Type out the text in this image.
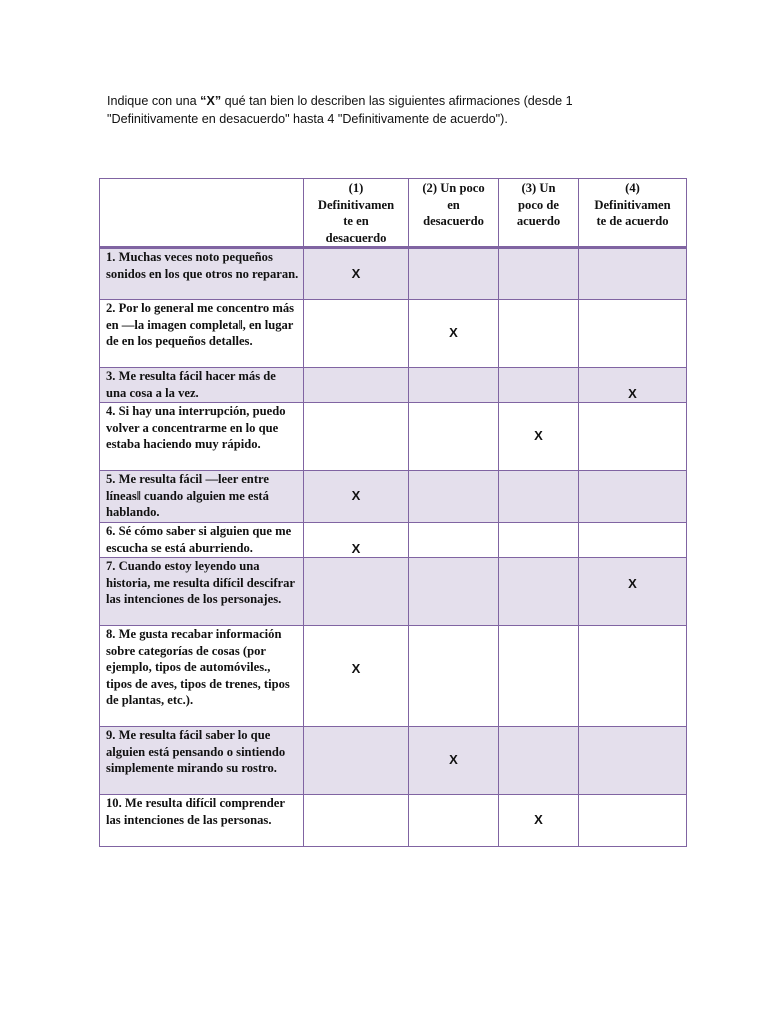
Indique con una “X” qué tan bien lo describen las siguientes afirmaciones (desde 1 "Definitivamente en desacuerdo" hasta 4 "Definitivamente de acuerdo").
	(1)
Definitivamen
te en
desacuerdo	(2) Un poco
en
desacuerdo	(3) Un
poco de
acuerdo	(4)
Definitivamen
te de acuerdo
1. Muchas veces noto pequeños sonidos en los que otros no reparan.	X			
2. Por lo general me concentro más en ―la imagen completa‖, en lugar de en los pequeños detalles.		X		
3. Me resulta fácil hacer más de una cosa a la vez.				X
4. Si hay una interrupción, puedo volver a concentrarme en lo que estaba haciendo muy rápido.			X	
5. Me resulta fácil ―leer entre líneas‖ cuando alguien me está hablando.	X			
6. Sé cómo saber si alguien que me escucha se está aburriendo.	X			
7. Cuando estoy leyendo una historia, me resulta difícil descifrar las intenciones de los personajes.				X
8. Me gusta recabar información sobre categorías de cosas (por ejemplo, tipos de automóviles., tipos de aves, tipos de trenes, tipos de plantas, etc.).	X			
9. Me resulta fácil saber lo que alguien está pensando o sintiendo simplemente mirando su rostro.		X		
10. Me resulta difícil comprender las intenciones de las personas.			X	
